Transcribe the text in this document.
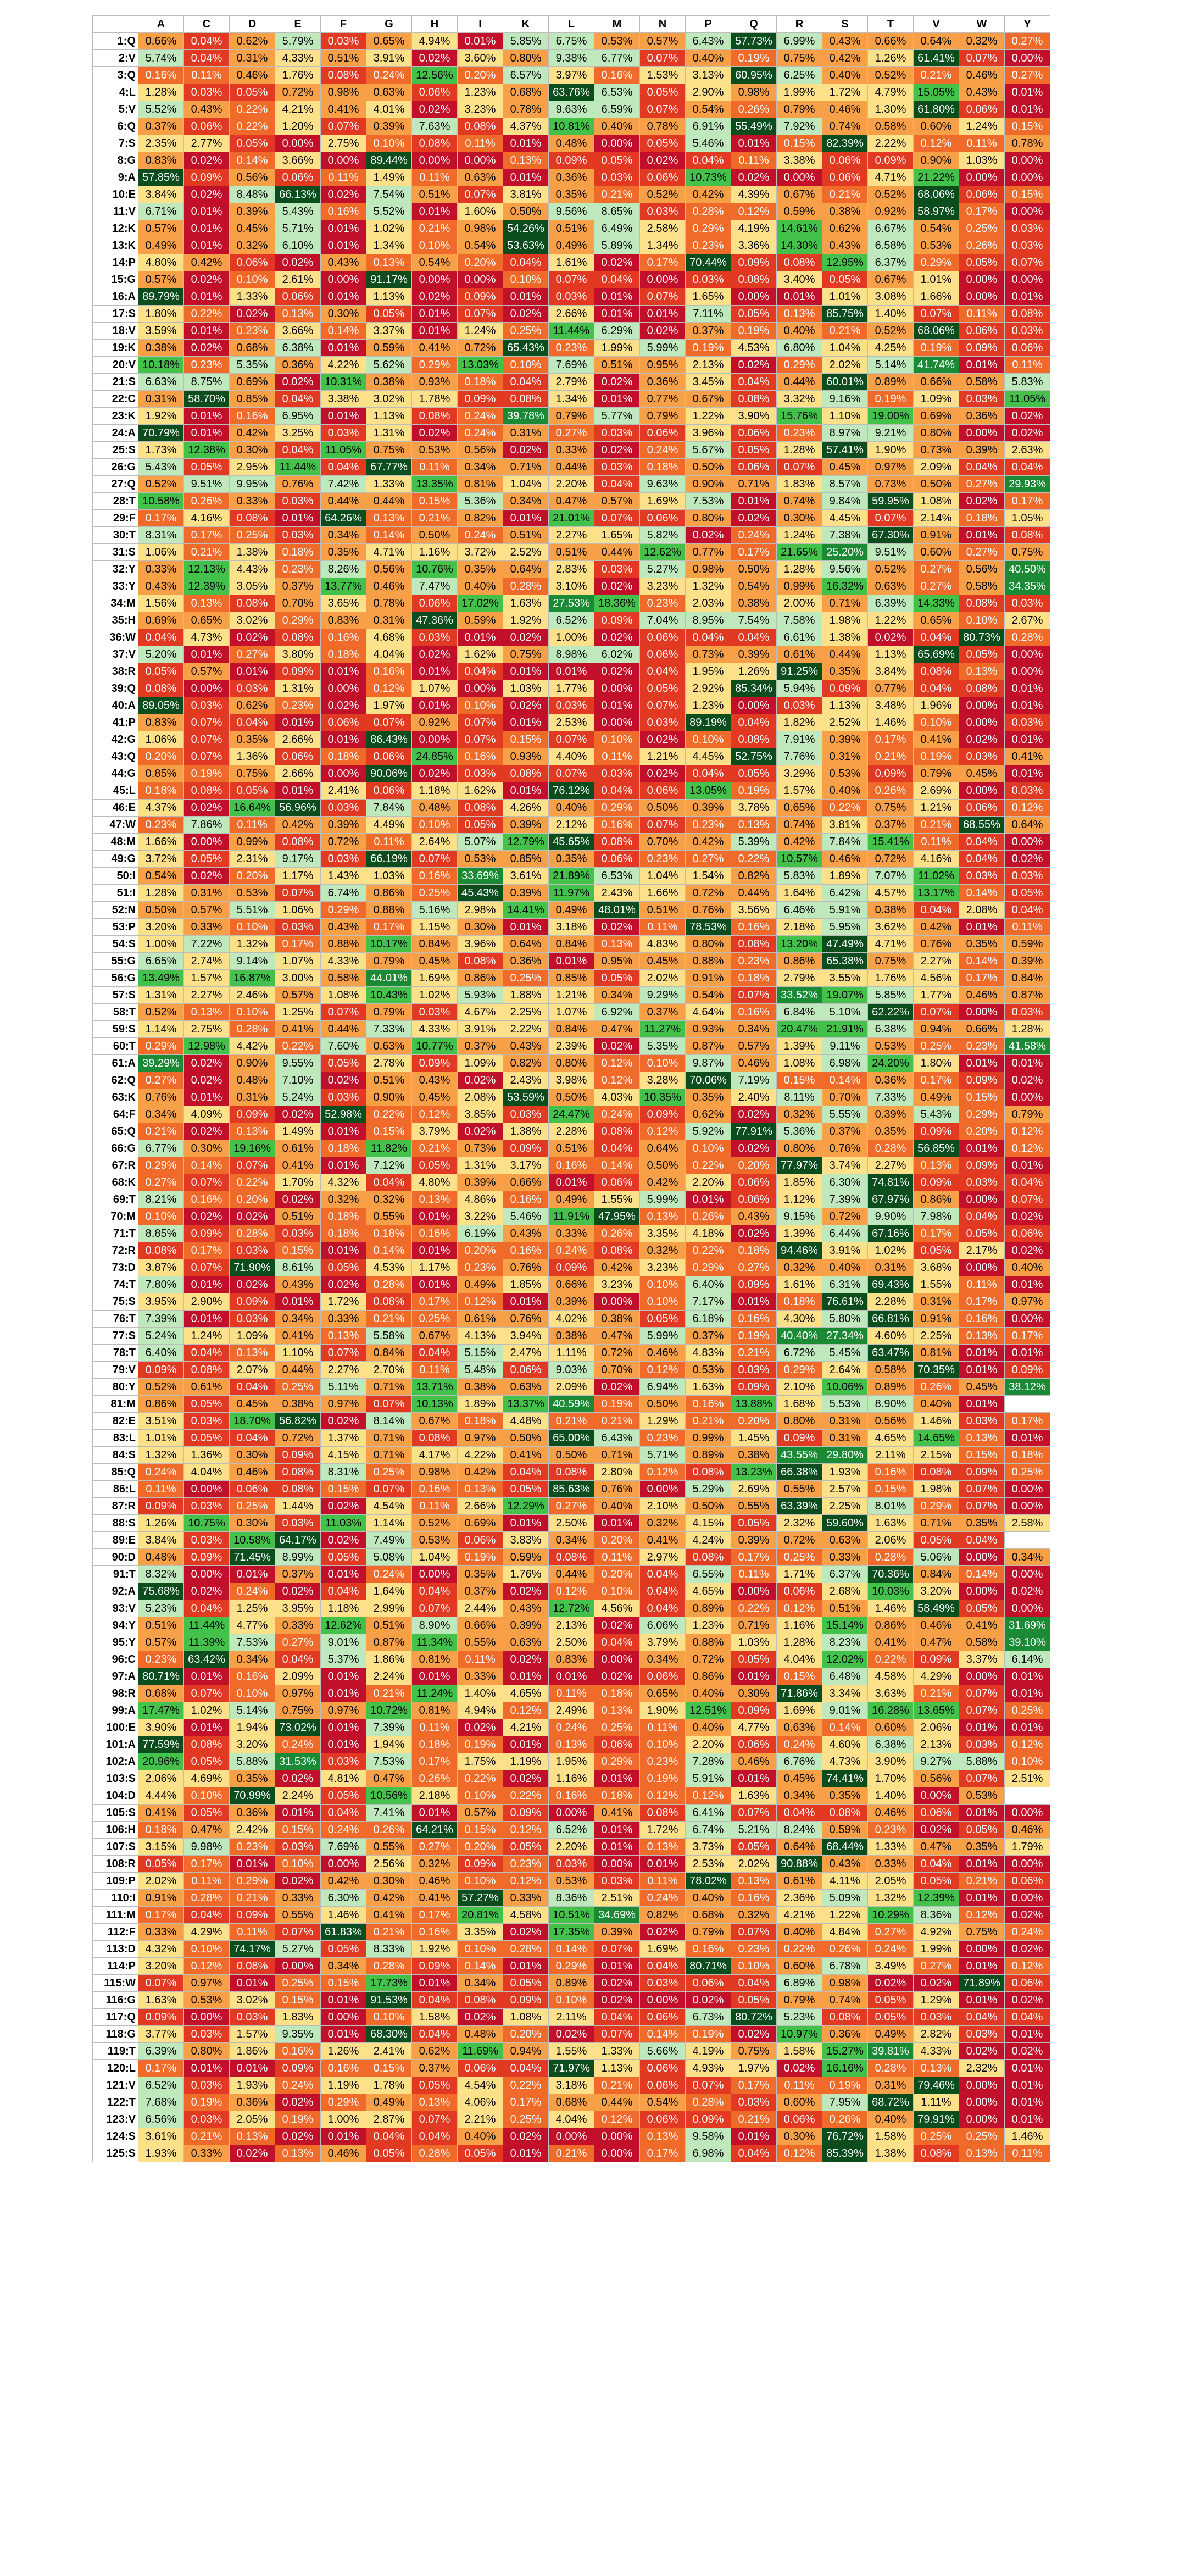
	A	C	D	E	F	G	H	I	K	L	M	N	P	Q	R	S	T	V	W	Y
1:Q	0.66%	0.04%	0.62%	5.79%	0.03%	0.65%	4.94%	0.01%	5.85%	6.75%	0.53%	0.57%	6.43%	57.73%	6.99%	0.43%	0.66%	0.64%	0.32%	0.27%
2:V	5.74%	0.04%	0.31%	4.33%	0.51%	3.91%	0.02%	3.60%	0.80%	9.38%	6.77%	0.07%	0.40%	0.19%	0.75%	0.42%	1.26%	61.41%	0.07%	0.00%
3:Q	0.16%	0.11%	0.46%	1.76%	0.08%	0.24%	12.56%	0.20%	6.57%	3.97%	0.16%	1.53%	3.13%	60.95%	6.25%	0.40%	0.52%	0.21%	0.46%	0.27%
4:L	1.28%	0.03%	0.05%	0.72%	0.98%	0.63%	0.06%	1.23%	0.68%	63.76%	6.53%	0.05%	2.90%	0.98%	1.99%	1.72%	4.79%	15.05%	0.43%	0.01%
5:V	5.52%	0.43%	0.22%	4.21%	0.41%	4.01%	0.02%	3.23%	0.78%	9.63%	6.59%	0.07%	0.54%	0.26%	0.79%	0.46%	1.30%	61.80%	0.06%	0.01%
6:Q	0.37%	0.06%	0.22%	1.20%	0.07%	0.39%	7.63%	0.08%	4.37%	10.81%	0.40%	0.78%	6.91%	55.49%	7.92%	0.74%	0.58%	0.60%	1.24%	0.15%
7:S	2.35%	2.77%	0.05%	0.00%	2.75%	0.10%	0.08%	0.11%	0.01%	0.48%	0.00%	0.05%	5.46%	0.01%	0.15%	82.39%	2.22%	0.12%	0.11%	0.78%
8:G	0.83%	0.02%	0.14%	3.66%	0.00%	89.44%	0.00%	0.00%	0.13%	0.09%	0.05%	0.02%	0.04%	0.11%	3.38%	0.06%	0.09%	0.90%	1.03%	0.00%
9:A	57.85%	0.09%	0.56%	0.06%	0.11%	1.49%	0.11%	0.63%	0.01%	0.36%	0.03%	0.06%	10.73%	0.02%	0.00%	0.06%	4.71%	21.22%	0.00%	0.00%
10:E	3.84%	0.02%	8.48%	66.13%	0.02%	7.54%	0.51%	0.07%	3.81%	0.35%	0.21%	0.52%	0.42%	4.39%	0.67%	0.21%	0.52%	68.06%	0.06%	0.15%
11:V	6.71%	0.01%	0.39%	5.43%	0.16%	5.52%	0.01%	1.60%	0.50%	9.56%	8.65%	0.03%	0.28%	0.12%	0.59%	0.38%	0.92%	58.97%	0.17%	0.00%
12:K	0.57%	0.01%	0.45%	5.71%	0.01%	1.02%	0.21%	0.98%	54.26%	0.51%	6.49%	2.58%	0.29%	4.19%	14.61%	0.62%	6.67%	0.54%	0.25%	0.03%
13:K	0.49%	0.01%	0.32%	6.10%	0.01%	1.34%	0.10%	0.54%	53.63%	0.49%	5.89%	1.34%	0.23%	3.36%	14.30%	0.43%	6.58%	0.53%	0.26%	0.03%
14:P	4.80%	0.42%	0.06%	0.02%	0.43%	0.13%	0.54%	0.20%	0.04%	1.61%	0.02%	0.17%	70.44%	0.09%	0.08%	12.95%	6.37%	0.29%	0.05%	0.07%
15:G	0.57%	0.02%	0.10%	2.61%	0.00%	91.17%	0.00%	0.00%	0.10%	0.07%	0.04%	0.00%	0.03%	0.08%	3.40%	0.05%	0.67%	1.01%	0.00%	0.00%
16:A	89.79%	0.01%	1.33%	0.06%	0.01%	1.13%	0.02%	0.09%	0.01%	0.03%	0.01%	0.07%	1.65%	0.00%	0.01%	1.01%	3.08%	1.66%	0.00%	0.01%
17:S	1.80%	0.22%	0.02%	0.13%	0.30%	0.05%	0.01%	0.07%	0.02%	2.66%	0.01%	0.01%	7.11%	0.05%	0.13%	85.75%	1.40%	0.07%	0.11%	0.08%
18:V	3.59%	0.01%	0.23%	3.66%	0.14%	3.37%	0.01%	1.24%	0.25%	11.44%	6.29%	0.02%	0.37%	0.19%	0.40%	0.21%	0.52%	68.06%	0.06%	0.03%
19:K	0.38%	0.02%	0.68%	6.38%	0.01%	0.59%	0.41%	0.72%	65.43%	0.23%	1.99%	5.99%	0.19%	4.53%	6.80%	1.04%	4.25%	0.19%	0.09%	0.06%
20:V	10.18%	0.23%	5.35%	0.36%	4.22%	5.62%	0.29%	13.03%	0.10%	7.69%	0.51%	0.95%	2.13%	0.02%	0.29%	2.02%	5.14%	41.74%	0.01%	0.11%
21:S	6.63%	8.75%	0.69%	0.02%	10.31%	0.38%	0.93%	0.18%	0.04%	2.79%	0.02%	0.36%	3.45%	0.04%	0.44%	60.01%	0.89%	0.66%	0.58%	5.83%
22:C	0.31%	58.70%	0.85%	0.04%	3.38%	3.02%	1.78%	0.09%	0.08%	1.34%	0.01%	0.77%	0.67%	0.08%	3.32%	9.16%	0.19%	1.09%	0.03%	11.05%
23:K	1.92%	0.01%	0.16%	6.95%	0.01%	1.13%	0.08%	0.24%	39.78%	0.79%	5.77%	0.79%	1.22%	3.90%	15.76%	1.10%	19.00%	0.69%	0.36%	0.02%
24:A	70.79%	0.01%	0.42%	3.25%	0.03%	1.31%	0.02%	0.24%	0.31%	0.27%	0.03%	0.06%	3.96%	0.06%	0.23%	8.97%	9.21%	0.80%	0.00%	0.02%
25:S	1.73%	12.38%	0.30%	0.04%	11.05%	0.75%	0.53%	0.56%	0.02%	0.33%	0.02%	0.24%	5.67%	0.05%	1.28%	57.41%	1.90%	0.73%	0.39%	2.63%
26:G	5.43%	0.05%	2.95%	11.44%	0.04%	67.77%	0.11%	0.34%	0.71%	0.44%	0.03%	0.18%	0.50%	0.06%	0.07%	0.45%	0.97%	2.09%	0.04%	0.04%
27:Q	0.52%	9.51%	9.95%	0.76%	7.42%	1.33%	13.35%	0.81%	1.04%	2.20%	0.04%	9.63%	0.90%	0.71%	1.83%	8.57%	0.73%	0.50%	0.27%	29.93%
28:T	10.58%	0.26%	0.33%	0.03%	0.44%	0.44%	0.15%	5.36%	0.34%	0.47%	0.57%	1.69%	7.53%	0.01%	0.74%	9.84%	59.95%	1.08%	0.02%	0.17%
29:F	0.17%	4.16%	0.08%	0.01%	64.26%	0.13%	0.21%	0.82%	0.01%	21.01%	0.07%	0.06%	0.80%	0.02%	0.30%	4.45%	0.07%	2.14%	0.18%	1.05%
30:T	8.31%	0.17%	0.25%	0.03%	0.34%	0.14%	0.50%	0.24%	0.51%	2.27%	1.65%	5.82%	0.02%	0.24%	1.24%	7.38%	67.30%	0.91%	0.01%	0.08%
31:S	1.06%	0.21%	1.38%	0.18%	0.35%	4.71%	1.16%	3.72%	2.52%	0.51%	0.44%	12.62%	0.77%	0.17%	21.65%	25.20%	9.51%	0.60%	0.27%	0.75%
32:Y	0.33%	12.13%	4.43%	0.23%	8.26%	0.56%	10.76%	0.35%	0.64%	2.83%	0.03%	5.27%	0.98%	0.50%	1.28%	9.56%	0.52%	0.27%	0.56%	40.50%
33:Y	0.43%	12.39%	3.05%	0.37%	13.77%	0.46%	7.47%	0.40%	0.28%	3.10%	0.02%	3.23%	1.32%	0.54%	0.99%	16.32%	0.63%	0.27%	0.58%	34.35%
34:M	1.56%	0.13%	0.08%	0.70%	3.65%	0.78%	0.06%	17.02%	1.63%	27.53%	18.36%	0.23%	2.03%	0.38%	2.00%	0.71%	6.39%	14.33%	0.08%	0.03%
35:H	0.69%	0.65%	3.02%	0.29%	0.83%	0.31%	47.36%	0.59%	1.92%	6.52%	0.09%	7.04%	8.95%	7.54%	7.58%	1.98%	1.22%	0.65%	0.10%	2.67%
36:W	0.04%	4.73%	0.02%	0.08%	0.16%	4.68%	0.03%	0.01%	0.02%	1.00%	0.02%	0.06%	0.04%	0.04%	6.61%	1.38%	0.02%	0.04%	80.73%	0.28%
37:V	5.20%	0.01%	0.27%	3.80%	0.18%	4.04%	0.02%	1.62%	0.75%	8.98%	6.02%	0.06%	0.73%	0.39%	0.61%	0.44%	1.13%	65.69%	0.05%	0.00%
38:R	0.05%	0.57%	0.01%	0.09%	0.01%	0.16%	0.01%	0.04%	0.01%	0.01%	0.02%	0.04%	1.95%	1.26%	91.25%	0.35%	3.84%	0.08%	0.13%	0.00%
39:Q	0.08%	0.00%	0.03%	1.31%	0.00%	0.12%	1.07%	0.00%	1.03%	1.77%	0.00%	0.05%	2.92%	85.34%	5.94%	0.09%	0.77%	0.04%	0.08%	0.01%
40:A	89.05%	0.03%	0.62%	0.23%	0.02%	1.97%	0.01%	0.10%	0.02%	0.03%	0.01%	0.07%	1.23%	0.00%	0.03%	1.13%	3.48%	1.96%	0.00%	0.01%
41:P	0.83%	0.07%	0.04%	0.01%	0.06%	0.07%	0.92%	0.07%	0.01%	2.53%	0.00%	0.03%	89.19%	0.04%	1.82%	2.52%	1.46%	0.10%	0.00%	0.03%
42:G	1.06%	0.07%	0.35%	2.66%	0.01%	86.43%	0.00%	0.07%	0.15%	0.07%	0.10%	0.02%	0.10%	0.08%	7.91%	0.39%	0.17%	0.41%	0.02%	0.01%
43:Q	0.20%	0.07%	1.36%	0.06%	0.18%	0.06%	24.85%	0.16%	0.93%	4.40%	0.11%	1.21%	4.45%	52.75%	7.76%	0.31%	0.21%	0.19%	0.03%	0.41%
44:G	0.85%	0.19%	0.75%	2.66%	0.00%	90.06%	0.02%	0.03%	0.08%	0.07%	0.03%	0.02%	0.04%	0.05%	3.29%	0.53%	0.09%	0.79%	0.45%	0.01%
45:L	0.18%	0.08%	0.05%	0.01%	2.41%	0.06%	1.18%	1.62%	0.01%	76.12%	0.04%	0.06%	13.05%	0.19%	1.57%	0.40%	0.26%	2.69%	0.00%	0.03%
46:E	4.37%	0.02%	16.64%	56.96%	0.03%	7.84%	0.48%	0.08%	4.26%	0.40%	0.29%	0.50%	0.39%	3.78%	0.65%	0.22%	0.75%	1.21%	0.06%	0.12%
47:W	0.23%	7.86%	0.11%	0.42%	0.39%	4.49%	0.10%	0.05%	0.39%	2.12%	0.16%	0.07%	0.23%	0.13%	0.74%	3.81%	0.37%	0.21%	68.55%	0.64%
48:M	1.66%	0.00%	0.99%	0.08%	0.72%	0.11%	2.64%	5.07%	12.79%	45.65%	0.08%	0.70%	0.42%	5.39%	0.42%	7.84%	15.41%	0.11%	0.04%	0.00%
49:G	3.72%	0.05%	2.31%	9.17%	0.03%	66.19%	0.07%	0.53%	0.85%	0.35%	0.06%	0.23%	0.27%	0.22%	10.57%	0.46%	0.72%	4.16%	0.04%	0.02%
50:I	0.54%	0.02%	0.20%	1.17%	1.43%	1.03%	0.16%	33.69%	3.61%	21.89%	6.53%	1.04%	1.54%	0.82%	5.83%	1.89%	7.07%	11.02%	0.03%	0.03%
51:I	1.28%	0.31%	0.53%	0.07%	6.74%	0.86%	0.25%	45.43%	0.39%	11.97%	2.43%	1.66%	0.72%	0.44%	1.64%	6.42%	4.57%	13.17%	0.14%	0.05%
52:N	0.50%	0.57%	5.51%	1.06%	0.29%	0.88%	5.16%	2.98%	14.41%	0.49%	48.01%	0.51%	0.76%	3.56%	6.46%	5.91%	0.38%	0.04%	2.08%	0.04%
53:P	3.20%	0.33%	0.10%	0.03%	0.43%	0.17%	1.15%	0.30%	0.01%	3.18%	0.02%	0.11%	78.53%	0.16%	2.18%	5.95%	3.62%	0.42%	0.01%	0.11%
54:S	1.00%	7.22%	1.32%	0.17%	0.88%	10.17%	0.84%	3.96%	0.64%	0.84%	0.13%	4.83%	0.80%	0.08%	13.20%	47.49%	4.71%	0.76%	0.35%	0.59%
55:G	6.65%	2.74%	9.14%	1.07%	4.33%	0.79%	0.45%	0.08%	0.36%	0.01%	0.95%	0.45%	0.88%	0.23%	0.86%	65.38%	0.75%	2.27%	0.14%	0.39%
56:G	13.49%	1.57%	16.87%	3.00%	0.58%	44.01%	1.69%	0.86%	0.25%	0.85%	0.05%	2.02%	0.91%	0.18%	2.79%	3.55%	1.76%	4.56%	0.17%	0.84%
57:S	1.31%	2.27%	2.46%	0.57%	1.08%	10.43%	1.02%	5.93%	1.88%	1.21%	0.34%	9.29%	0.54%	0.07%	33.52%	19.07%	5.85%	1.77%	0.46%	0.87%
58:T	0.52%	0.13%	0.10%	1.25%	0.07%	0.79%	0.03%	4.67%	2.25%	1.07%	6.92%	0.37%	4.64%	0.16%	6.84%	5.10%	62.22%	0.07%	0.00%	0.03%
59:S	1.14%	2.75%	0.28%	0.41%	0.44%	7.33%	4.33%	3.91%	2.22%	0.84%	0.47%	11.27%	0.93%	0.34%	20.47%	21.91%	6.38%	0.94%	0.66%	1.28%
60:T	0.29%	12.98%	4.42%	0.22%	7.60%	0.63%	10.77%	0.37%	0.43%	2.39%	0.02%	5.35%	0.87%	0.57%	1.39%	9.11%	0.53%	0.25%	0.23%	41.58%
61:A	39.29%	0.02%	0.90%	9.55%	0.05%	2.78%	0.09%	1.09%	0.82%	0.80%	0.12%	0.10%	9.87%	0.46%	1.08%	6.98%	24.20%	1.80%	0.01%	0.01%
62:Q	0.27%	0.02%	0.48%	7.10%	0.02%	0.51%	0.43%	0.02%	2.43%	3.98%	0.12%	3.28%	70.06%	7.19%	0.15%	0.14%	0.36%	0.17%	0.09%	0.02%
63:K	0.76%	0.01%	0.31%	5.24%	0.03%	0.90%	0.45%	2.08%	53.59%	0.50%	4.03%	10.35%	0.35%	2.40%	8.11%	0.70%	7.33%	0.49%	0.15%	0.00%
64:F	0.34%	4.09%	0.09%	0.02%	52.98%	0.22%	0.12%	3.85%	0.03%	24.47%	0.24%	0.09%	0.62%	0.02%	0.32%	5.55%	0.39%	5.43%	0.29%	0.79%
65:Q	0.21%	0.02%	0.13%	1.49%	0.01%	0.15%	3.79%	0.02%	1.38%	2.28%	0.08%	0.12%	5.92%	77.91%	5.36%	0.37%	0.35%	0.09%	0.20%	0.12%
66:G	6.77%	0.30%	19.16%	0.61%	0.18%	11.82%	0.21%	0.73%	0.09%	0.51%	0.04%	0.64%	0.10%	0.02%	0.80%	0.76%	0.28%	56.85%	0.01%	0.12%
67:R	0.29%	0.14%	0.07%	0.41%	0.01%	7.12%	0.05%	1.31%	3.17%	0.16%	0.14%	0.50%	0.22%	0.20%	77.97%	3.74%	2.27%	0.13%	0.09%	0.01%
68:K	0.27%	0.07%	0.22%	1.70%	4.32%	0.04%	4.80%	0.39%	0.66%	0.01%	0.06%	0.42%	2.20%	0.06%	1.85%	6.30%	74.81%	0.09%	0.03%	0.04%
69:T	8.21%	0.16%	0.20%	0.02%	0.32%	0.32%	0.13%	4.86%	0.16%	0.49%	1.55%	5.99%	0.01%	0.06%	1.12%	7.39%	67.97%	0.86%	0.00%	0.07%
70:M	0.10%	0.02%	0.02%	0.51%	0.18%	0.55%	0.01%	3.22%	5.46%	11.91%	47.95%	0.13%	0.26%	0.43%	9.15%	0.72%	9.90%	7.98%	0.04%	0.02%
71:T	8.85%	0.09%	0.28%	0.03%	0.18%	0.18%	0.16%	6.19%	0.43%	0.33%	0.26%	3.35%	4.18%	0.02%	1.39%	6.44%	67.16%	0.17%	0.05%	0.06%
72:R	0.08%	0.17%	0.03%	0.15%	0.01%	0.14%	0.01%	0.20%	0.16%	0.24%	0.08%	0.32%	0.22%	0.18%	94.46%	3.91%	1.02%	0.05%	2.17%	0.02%
73:D	3.87%	0.07%	71.90%	8.61%	0.05%	4.53%	1.17%	0.23%	0.76%	0.09%	0.42%	3.23%	0.29%	0.27%	0.32%	0.40%	0.31%	3.68%	0.00%	0.40%
74:T	7.80%	0.01%	0.02%	0.43%	0.02%	0.28%	0.01%	0.49%	1.85%	0.66%	3.23%	0.10%	6.40%	0.09%	1.61%	6.31%	69.43%	1.55%	0.11%	0.01%
75:S	3.95%	2.90%	0.09%	0.01%	1.72%	0.08%	0.17%	0.12%	0.01%	0.39%	0.00%	0.10%	7.17%	0.01%	0.18%	76.61%	2.28%	0.31%	0.17%	0.97%
76:T	7.39%	0.01%	0.03%	0.34%	0.33%	0.21%	0.25%	0.61%	0.76%	4.02%	0.38%	0.05%	6.18%	0.16%	4.30%	5.80%	66.81%	0.91%	0.16%	0.00%
77:S	5.24%	1.24%	1.09%	0.41%	0.13%	5.58%	0.67%	4.13%	3.94%	0.38%	0.47%	5.99%	0.37%	0.19%	40.40%	27.34%	4.60%	2.25%	0.13%	0.17%
78:T	6.40%	0.04%	0.13%	1.10%	0.07%	0.84%	0.04%	5.15%	2.47%	1.11%	0.72%	0.46%	4.83%	0.21%	6.72%	5.45%	63.47%	0.81%	0.01%	0.01%
79:V	0.09%	0.08%	2.07%	0.44%	2.27%	2.70%	0.11%	5.48%	0.06%	9.03%	0.70%	0.12%	0.53%	0.03%	0.29%	2.64%	0.58%	70.35%	0.01%	0.09%
80:Y	0.52%	0.61%	0.04%	0.25%	5.11%	0.71%	13.71%	0.38%	0.63%	2.09%	0.02%	6.94%	1.63%	0.09%	2.10%	10.06%	0.89%	0.26%	0.45%	38.12%
81:M	0.86%	0.05%	0.45%	0.38%	0.97%	0.07%	10.13%	1.89%	13.37%	40.59%	0.19%	0.50%	0.16%	13.88%	1.68%	5.53%	8.90%	0.40%	0.01%	
82:E	3.51%	0.03%	18.70%	56.82%	0.02%	8.14%	0.67%	0.18%	4.48%	0.21%	0.21%	1.29%	0.21%	0.20%	0.80%	0.31%	0.56%	1.46%	0.03%	0.17%
83:L	1.01%	0.05%	0.04%	0.72%	1.37%	0.71%	0.08%	0.97%	0.50%	65.00%	6.43%	0.23%	0.99%	1.45%	0.09%	0.31%	4.65%	14.65%	0.13%	0.01%
84:S	1.32%	1.36%	0.30%	0.09%	4.15%	0.71%	4.17%	4.22%	0.41%	0.50%	0.71%	5.71%	0.89%	0.38%	43.55%	29.80%	2.11%	2.15%	0.15%	0.18%
85:Q	0.24%	4.04%	0.46%	0.08%	8.31%	0.25%	0.98%	0.42%	0.04%	0.08%	2.80%	0.12%	0.08%	13.23%	66.38%	1.93%	0.16%	0.08%	0.09%	0.25%
86:L	0.11%	0.00%	0.06%	0.08%	0.15%	0.07%	0.16%	0.13%	0.05%	85.63%	0.76%	0.00%	5.29%	2.69%	0.55%	2.57%	0.15%	1.98%	0.07%	0.00%
87:R	0.09%	0.03%	0.25%	1.44%	0.02%	4.54%	0.11%	2.66%	12.29%	0.27%	0.40%	2.10%	0.50%	0.55%	63.39%	2.25%	8.01%	0.29%	0.07%	0.00%
88:S	1.26%	10.75%	0.30%	0.03%	11.03%	1.14%	0.52%	0.69%	0.01%	2.50%	0.01%	0.32%	4.15%	0.05%	2.32%	59.60%	1.63%	0.71%	0.35%	2.58%
89:E	3.84%	0.03%	10.58%	64.17%	0.02%	7.49%	0.53%	0.06%	3.83%	0.34%	0.20%	0.41%	4.24%	0.39%	0.72%	0.63%	2.06%	0.05%	0.04%	
90:D	0.48%	0.09%	71.45%	8.99%	0.05%	5.08%	1.04%	0.19%	0.59%	0.08%	0.11%	2.97%	0.08%	0.17%	0.25%	0.33%	0.28%	5.06%	0.00%	0.34%
91:T	8.32%	0.00%	0.01%	0.37%	0.01%	0.24%	0.00%	0.35%	1.76%	0.44%	0.20%	0.04%	6.55%	0.11%	1.71%	6.37%	70.36%	0.84%	0.14%	0.00%
92:A	75.68%	0.02%	0.24%	0.02%	0.04%	1.64%	0.04%	0.37%	0.02%	0.12%	0.10%	0.04%	4.65%	0.00%	0.06%	2.68%	10.03%	3.20%	0.00%	0.02%
93:V	5.23%	0.04%	1.25%	3.95%	1.18%	2.99%	0.07%	2.44%	0.43%	12.72%	4.56%	0.04%	0.89%	0.22%	0.12%	0.51%	1.46%	58.49%	0.05%	0.00%
94:Y	0.51%	11.44%	4.77%	0.33%	12.62%	0.51%	8.90%	0.66%	0.39%	2.13%	0.02%	6.06%	1.23%	0.71%	1.16%	15.14%	0.86%	0.46%	0.41%	31.69%
95:Y	0.57%	11.39%	7.53%	0.27%	9.01%	0.87%	11.34%	0.55%	0.63%	2.50%	0.04%	3.79%	0.88%	1.03%	1.28%	8.23%	0.41%	0.47%	0.58%	39.10%
96:C	0.23%	63.42%	0.34%	0.04%	5.37%	1.86%	0.81%	0.11%	0.02%	0.83%	0.00%	0.34%	0.72%	0.05%	4.04%	12.02%	0.22%	0.09%	3.37%	6.14%
97:A	80.71%	0.01%	0.16%	2.09%	0.01%	2.24%	0.01%	0.33%	0.01%	0.01%	0.02%	0.06%	0.86%	0.01%	0.15%	6.48%	4.58%	4.29%	0.00%	0.01%
98:R	0.68%	0.07%	0.10%	0.97%	0.01%	0.21%	11.24%	1.40%	4.65%	0.11%	0.18%	0.65%	0.40%	0.30%	71.86%	3.34%	3.63%	0.21%	0.07%	0.01%
99:A	17.47%	1.02%	5.14%	0.75%	0.97%	10.72%	0.81%	4.94%	0.12%	2.49%	0.13%	1.90%	12.51%	0.09%	1.69%	9.01%	16.28%	13.65%	0.07%	0.25%
100:E	3.90%	0.01%	1.94%	73.02%	0.01%	7.39%	0.11%	0.02%	4.21%	0.24%	0.25%	0.11%	0.40%	4.77%	0.63%	0.14%	0.60%	2.06%	0.01%	0.01%
101:A	77.59%	0.08%	3.20%	0.24%	0.01%	1.94%	0.18%	0.19%	0.01%	0.13%	0.06%	0.10%	2.20%	0.06%	0.24%	4.60%	6.38%	2.13%	0.03%	0.12%
102:A	20.96%	0.05%	5.88%	31.53%	0.03%	7.53%	0.17%	1.75%	1.19%	1.95%	0.29%	0.23%	7.28%	0.46%	6.76%	4.73%	3.90%	9.27%	5.88%	0.10%
103:S	2.06%	4.69%	0.35%	0.02%	4.81%	0.47%	0.26%	0.22%	0.02%	1.16%	0.01%	0.19%	5.91%	0.01%	0.45%	74.41%	1.70%	0.56%	0.07%	2.51%
104:D	4.44%	0.10%	70.99%	2.24%	0.05%	10.56%	2.18%	0.10%	0.22%	0.16%	0.18%	0.12%	0.12%	1.63%	0.34%	0.35%	1.40%	0.00%	0.53%	
105:S	0.41%	0.05%	0.36%	0.01%	0.04%	7.41%	0.01%	0.57%	0.09%	0.00%	0.41%	0.08%	6.41%	0.07%	0.04%	0.08%	0.46%	0.06%	0.01%	0.00%
106:H	0.18%	0.47%	2.42%	0.15%	0.24%	0.26%	64.21%	0.15%	0.12%	6.52%	0.01%	1.72%	6.74%	5.21%	8.24%	0.59%	0.23%	0.02%	0.05%	0.46%
107:S	3.15%	9.98%	0.23%	0.03%	7.69%	0.55%	0.27%	0.20%	0.05%	2.20%	0.01%	0.13%	3.73%	0.05%	0.64%	68.44%	1.33%	0.47%	0.35%	1.79%
108:R	0.05%	0.17%	0.01%	0.10%	0.00%	2.56%	0.32%	0.09%	0.23%	0.03%	0.00%	0.01%	2.53%	2.02%	90.88%	0.43%	0.33%	0.04%	0.01%	0.00%
109:P	2.02%	0.11%	0.29%	0.02%	0.42%	0.30%	0.46%	0.10%	0.12%	0.53%	0.03%	0.11%	78.02%	0.13%	0.61%	4.11%	2.05%	0.05%	0.21%	0.06%
110:I	0.91%	0.28%	0.21%	0.33%	6.30%	0.42%	0.41%	57.27%	0.33%	8.36%	2.51%	0.24%	0.40%	0.16%	2.36%	5.09%	1.32%	12.39%	0.01%	0.00%
111:M	0.17%	0.04%	0.09%	0.55%	1.46%	0.41%	0.17%	20.81%	4.58%	10.51%	34.69%	0.82%	0.68%	0.32%	4.21%	1.22%	10.29%	8.36%	0.12%	0.02%
112:F	0.33%	4.29%	0.11%	0.07%	61.83%	0.21%	0.16%	3.35%	0.02%	17.35%	0.39%	0.02%	0.79%	0.07%	0.40%	4.84%	0.27%	4.92%	0.75%	0.24%
113:D	4.32%	0.10%	74.17%	5.27%	0.05%	8.33%	1.92%	0.10%	0.28%	0.14%	0.07%	1.69%	0.16%	0.23%	0.22%	0.26%	0.24%	1.99%	0.00%	0.02%
114:P	3.20%	0.12%	0.08%	0.00%	0.34%	0.28%	0.09%	0.14%	0.01%	0.29%	0.01%	0.04%	80.71%	0.10%	0.60%	6.78%	3.49%	0.27%	0.01%	0.12%
115:W	0.07%	0.97%	0.01%	0.25%	0.15%	17.73%	0.01%	0.34%	0.05%	0.89%	0.02%	0.03%	0.06%	0.04%	6.89%	0.98%	0.02%	0.02%	71.89%	0.06%
116:G	1.63%	0.53%	3.02%	0.15%	0.01%	91.53%	0.04%	0.08%	0.09%	0.10%	0.02%	0.00%	0.02%	0.05%	0.79%	0.74%	0.05%	1.29%	0.01%	0.02%
117:Q	0.09%	0.00%	0.03%	1.83%	0.00%	0.10%	1.58%	0.02%	1.08%	2.11%	0.04%	0.06%	6.73%	80.72%	5.23%	0.08%	0.05%	0.03%	0.04%	0.04%
118:G	3.77%	0.03%	1.57%	9.35%	0.01%	68.30%	0.04%	0.48%	0.20%	0.02%	0.07%	0.14%	0.19%	0.02%	10.97%	0.36%	0.49%	2.82%	0.03%	0.01%
119:T	6.39%	0.80%	1.86%	0.16%	1.26%	2.41%	0.62%	11.69%	0.94%	1.55%	1.33%	5.66%	4.19%	0.75%	1.58%	15.27%	39.81%	4.33%	0.02%	0.02%
120:L	0.17%	0.01%	0.01%	0.09%	0.16%	0.15%	0.37%	0.06%	0.04%	71.97%	1.13%	0.06%	4.93%	1.97%	0.02%	16.16%	0.28%	0.13%	2.32%	0.01%
121:V	6.52%	0.03%	1.93%	0.24%	1.19%	1.78%	0.05%	4.54%	0.22%	3.18%	0.21%	0.06%	0.07%	0.17%	0.11%	0.19%	0.31%	79.46%	0.00%	0.01%
122:T	7.68%	0.19%	0.36%	0.02%	0.29%	0.49%	0.13%	4.06%	0.17%	0.68%	0.44%	0.54%	0.28%	0.03%	0.60%	7.95%	68.72%	1.11%	0.00%	0.01%
123:V	6.56%	0.03%	2.05%	0.19%	1.00%	2.87%	0.07%	2.21%	0.25%	4.04%	0.12%	0.06%	0.09%	0.21%	0.06%	0.26%	0.40%	79.91%	0.00%	0.01%
124:S	3.61%	0.21%	0.13%	0.02%	0.01%	0.04%	0.04%	0.40%	0.02%	0.00%	0.00%	0.13%	9.58%	0.01%	0.30%	76.72%	1.58%	0.25%	0.25%	1.46%
125:S	1.93%	0.33%	0.02%	0.13%	0.46%	0.05%	0.28%	0.05%	0.01%	0.21%	0.00%	0.17%	6.98%	0.04%	0.12%	85.39%	1.38%	0.08%	0.13%	0.11%
